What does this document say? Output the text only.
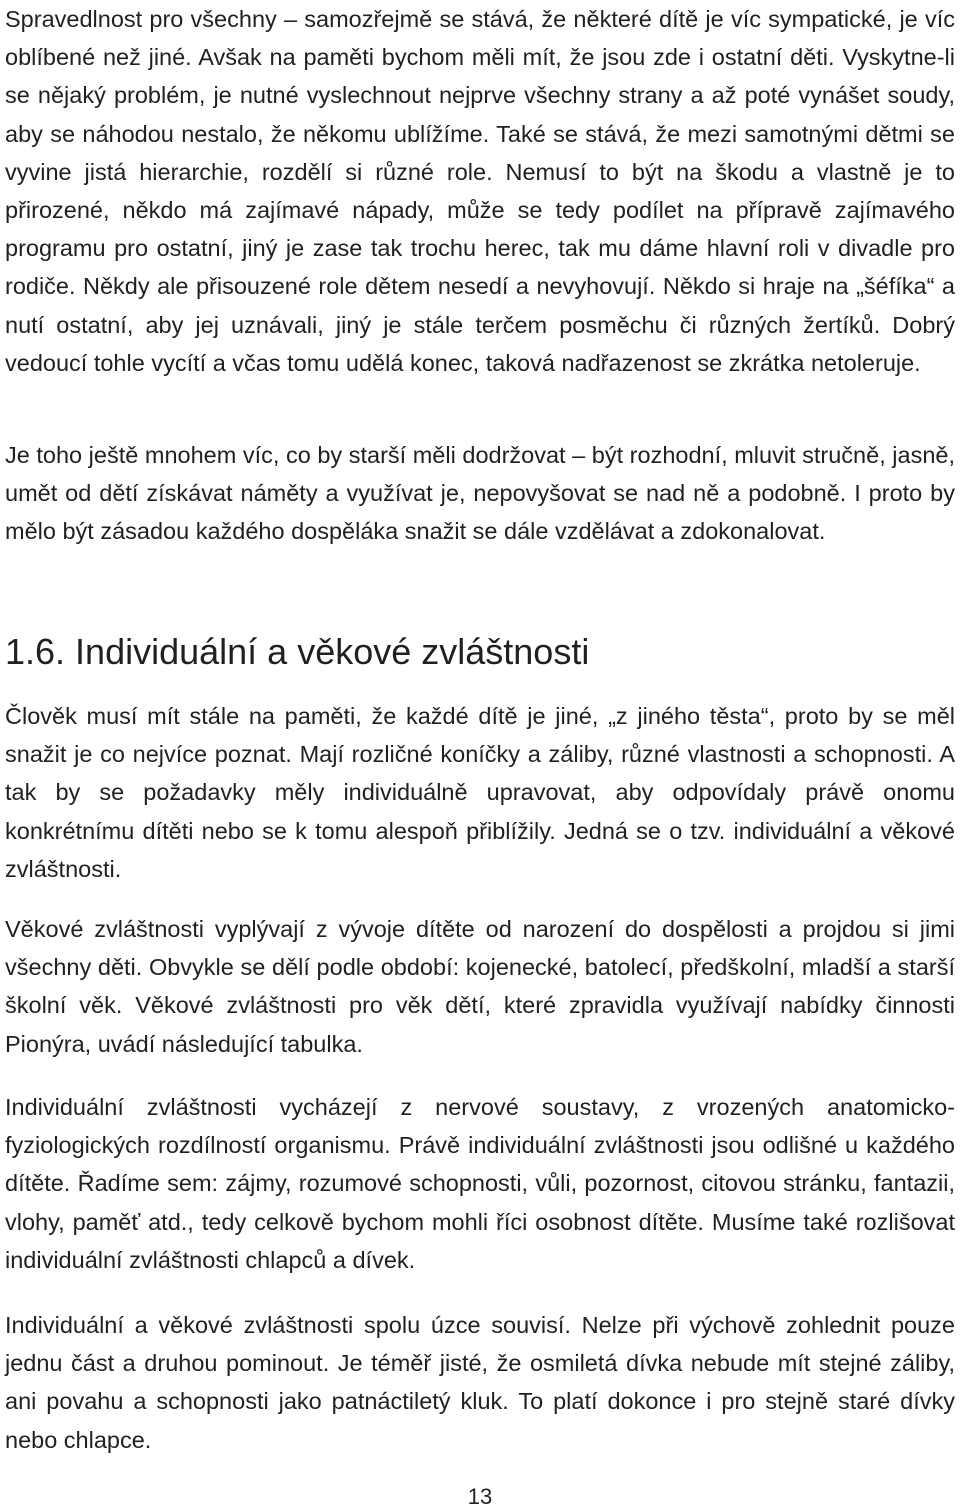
Spravedlnost pro všechny – samozřejmě se stává, že některé dítě je víc sympatické, je víc oblíbené než jiné. Avšak na paměti bychom měli mít, že jsou zde i ostatní děti. Vyskytne-li se nějaký problém, je nutné vyslechnout nejprve všechny strany a až poté vynášet soudy, aby se náhodou nestalo, že někomu ublížíme. Také se stává, že mezi samotnými dětmi se vyvine jistá hierarchie, rozdělí si různé role. Nemusí to být na škodu a vlastně je to přirozené, někdo má zajímavé nápady, může se tedy podílet na přípravě zajímavého programu pro ostatní, jiný je zase tak trochu herec, tak mu dáme hlavní roli v divadle pro rodiče. Někdy ale přisouzené role dětem nesedí a nevyhovují. Někdo si hraje na „šéfíka“ a nutí ostatní, aby jej uznávali, jiný je stále terčem posměchu či různých žertíků. Dobrý vedoucí tohle vycítí a včas tomu udělá konec, taková nadřazenost se zkrátka netoleruje.

Je toho ještě mnohem víc, co by starší měli dodržovat – být rozhodní, mluvit stručně, jasně, umět od dětí získávat náměty a využívat je, nepovyšovat se nad ně a podobně. I proto by mělo být zásadou každého dospěláka snažit se dále vzdělávat a zdokonalovat.

1.6. Individuální a věkové zvláštnosti

Člověk musí mít stále na paměti, že každé dítě je jiné, „z jiného těsta“, proto by se měl snažit je co nejvíce poznat. Mají rozličné koníčky a záliby, různé vlastnosti a schopnosti. A tak by se požadavky měly individuálně upravovat, aby odpovídaly právě onomu konkrétnímu dítěti nebo se k tomu alespoň přiblížily. Jedná se o tzv. individuální a věkové zvláštnosti.

Věkové zvláštnosti vyplývají z vývoje dítěte od narození do dospělosti a projdou si jimi všechny děti. Obvykle se dělí podle období: kojenecké, batolecí, předškolní, mladší a starší školní věk. Věkové zvláštnosti pro věk dětí, které zpravidla využívají nabídky činnosti Pionýra, uvádí následující tabulka.

Individuální zvláštnosti vycházejí z nervové soustavy, z vrozených anatomicko-fyziologických rozdílností organismu. Právě individuální zvláštnosti jsou odlišné u každého dítěte. Řadíme sem: zájmy, rozumové schopnosti, vůli, pozornost, citovou stránku, fantazii, vlohy, paměť atd., tedy celkově bychom mohli říci osobnost dítěte. Musíme také rozlišovat individuální zvláštnosti chlapců a dívek.

Individuální a věkové zvláštnosti spolu úzce souvisí. Nelze při výchově zohlednit pouze jednu část a druhou pominout. Je téměř jisté, že osmiletá dívka nebude mít stejné záliby, ani povahu a schopnosti jako patnáctiletý kluk. To platí dokonce i pro stejně staré dívky nebo chlapce.

13
